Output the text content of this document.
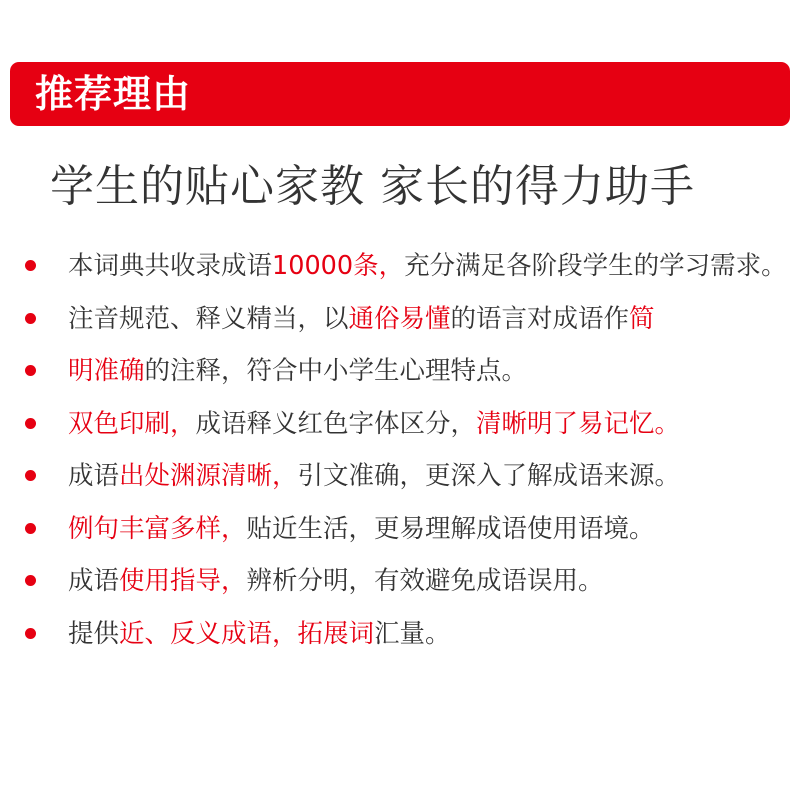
推荐理由
学生的贴心家教 家长的得力助手
本词典共收录成语10000条，充分满足各阶段学生的学习需求。
注音规范、释义精当，以通俗易懂的语言对成语作简
明准确的注释，符合中小学生心理特点。
双色印刷，成语释义红色字体区分，清晰明了易记忆。
成语出处渊源清晰，引文准确，更深入了解成语来源。
例句丰富多样，贴近生活，更易理解成语使用语境。
成语使用指导，辨析分明，有效避免成语误用。
提供近、反义成语，拓展词汇量。
